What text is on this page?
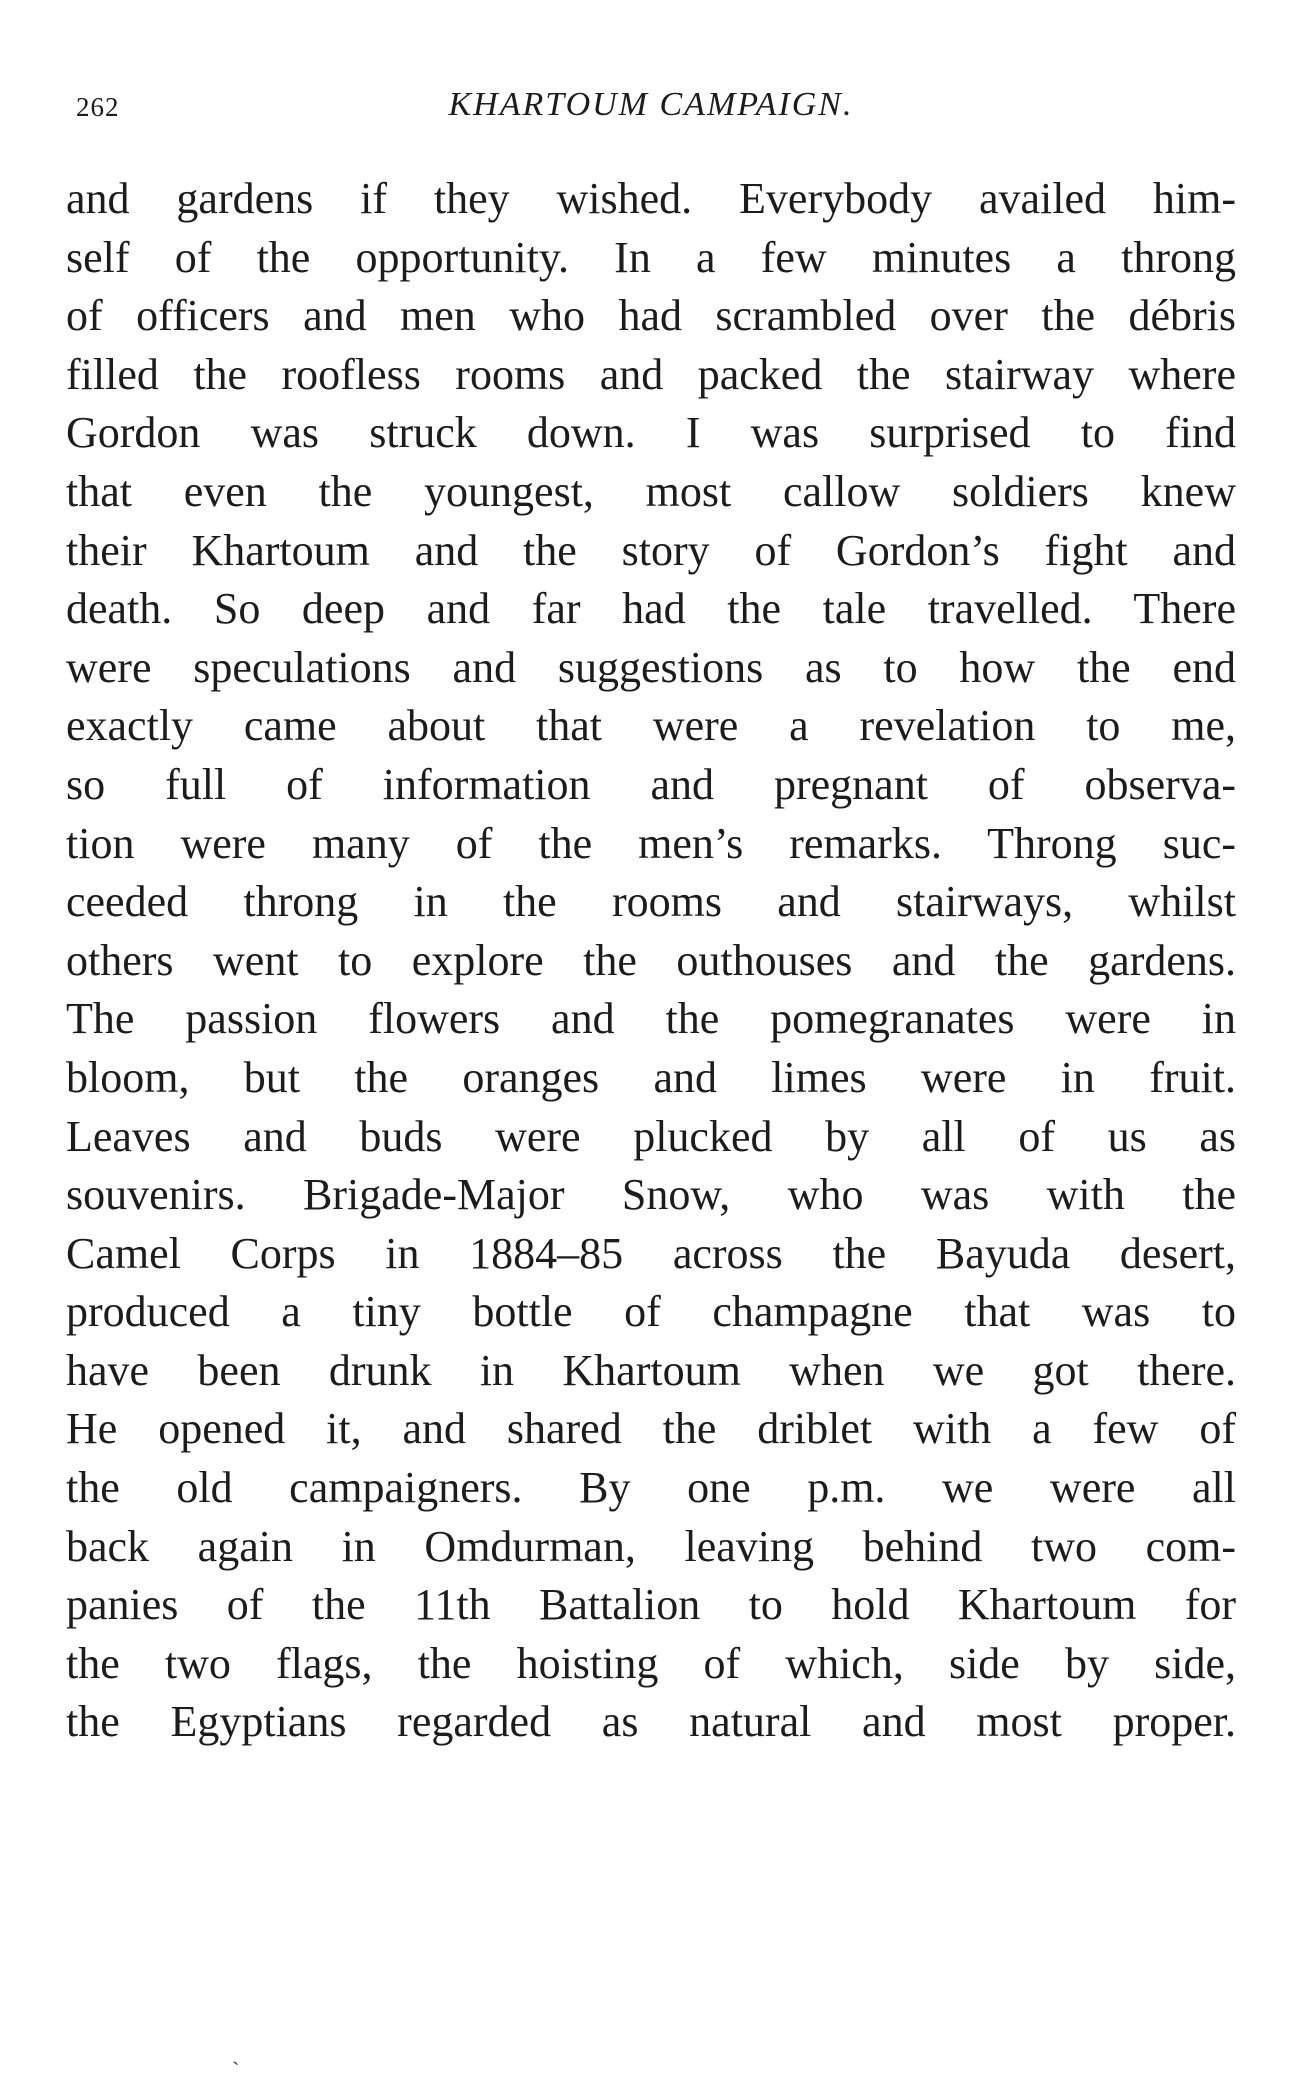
262	KHARTOUM CAMPAIGN.
and gardens if they wished. Everybody availed him-
self of the opportunity. In a few minutes a throng
of officers and men who had scrambled over the débris
filled the roofless rooms and packed the stairway where
Gordon was struck down. I was surprised to find
that even the youngest, most callow soldiers knew
their Khartoum and the story of Gordon’s fight and
death. So deep and far had the tale travelled. There
were speculations and suggestions as to how the end
exactly came about that were a revelation to me,
so full of information and pregnant of observa-
tion were many of the men’s remarks. Throng suc-
ceeded throng in the rooms and stairways, whilst
others went to explore the outhouses and the gardens.
The passion flowers and the pomegranates were in
bloom, but the oranges and limes were in fruit.
Leaves and buds were plucked by all of us as
souvenirs. Brigade-Major Snow, who was with the
Camel Corps in 1884–85 across the Bayuda desert,
produced a tiny bottle of champagne that was to
have been drunk in Khartoum when we got there.
He opened it, and shared the driblet with a few of
the old campaigners. By one p.m. we were all
back again in Omdurman, leaving behind two com-
panies of the 11th Battalion to hold Khartoum for
the two flags, the hoisting of which, side by side,
the Egyptians regarded as natural and most proper.
ˎ
